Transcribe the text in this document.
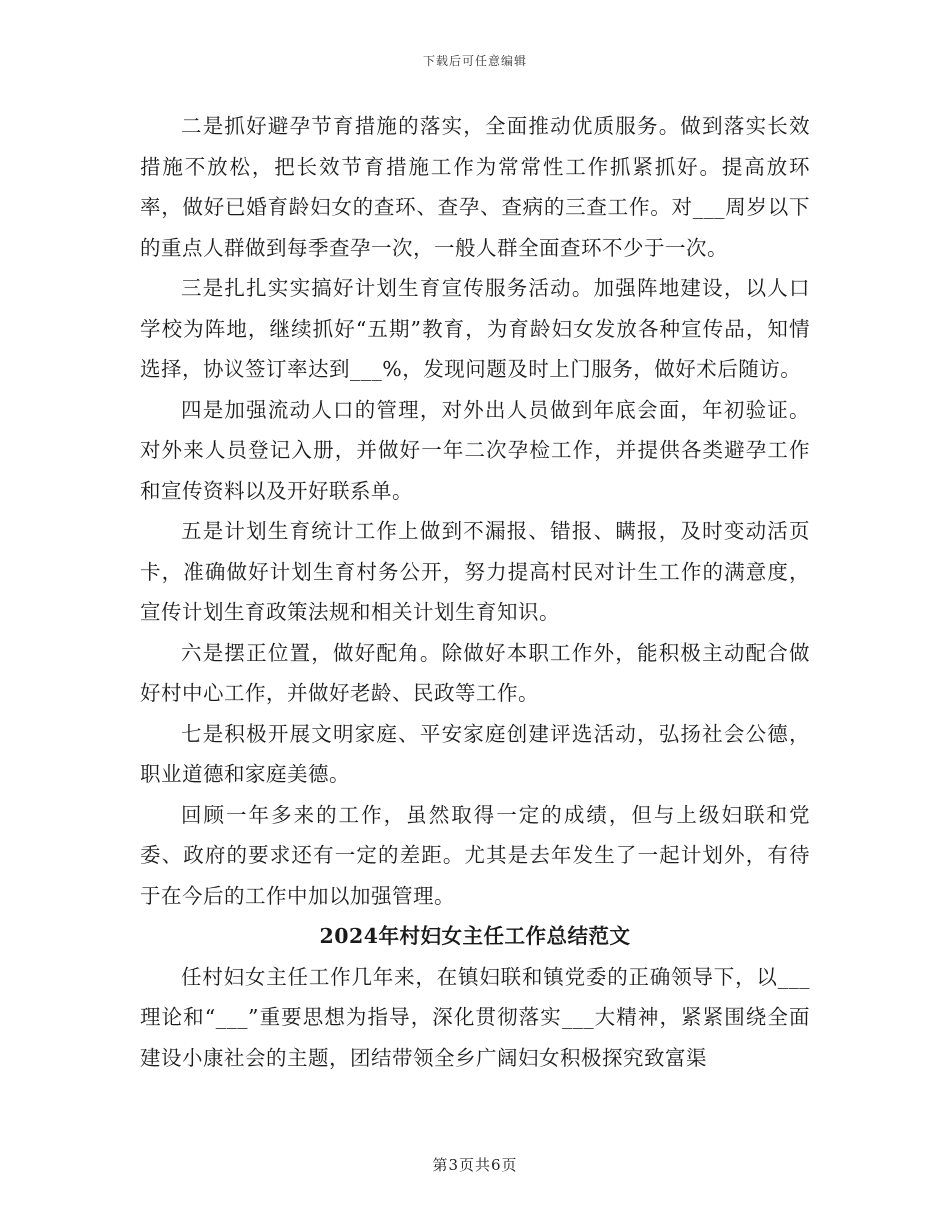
下载后可任意编辑

二是抓好避孕节育措施的落实，全面推动优质服务。做到落实长效措施不放松，把长效节育措施工作为常常性工作抓紧抓好。提高放环率，做好已婚育龄妇女的查环、查孕、查病的三查工作。对___周岁以下的重点人群做到每季查孕一次，一般人群全面查环不少于一次。

三是扎扎实实搞好计划生育宣传服务活动。加强阵地建设，以人口学校为阵地，继续抓好“五期”教育，为育龄妇女发放各种宣传品，知情选择，协议签订率达到___%，发现问题及时上门服务，做好术后随访。

四是加强流动人口的管理，对外出人员做到年底会面，年初验证。对外来人员登记入册，并做好一年二次孕检工作，并提供各类避孕工作和宣传资料以及开好联系单。

五是计划生育统计工作上做到不漏报、错报、瞒报，及时变动活页卡，准确做好计划生育村务公开，努力提高村民对计生工作的满意度，宣传计划生育政策法规和相关计划生育知识。

六是摆正位置，做好配角。除做好本职工作外，能积极主动配合做好村中心工作，并做好老龄、民政等工作。

七是积极开展文明家庭、平安家庭创建评选活动，弘扬社会公德，职业道德和家庭美德。

回顾一年多来的工作，虽然取得一定的成绩，但与上级妇联和党委、政府的要求还有一定的差距。尤其是去年发生了一起计划外，有待于在今后的工作中加以加强管理。

2024年村妇女主任工作总结范文

任村妇女主任工作几年来，在镇妇联和镇党委的正确领导下，以___理论和“___”重要思想为指导，深化贯彻落实___大精神，紧紧围绕全面建设小康社会的主题，团结带领全乡广阔妇女积极探究致富渠

第3页共6页
